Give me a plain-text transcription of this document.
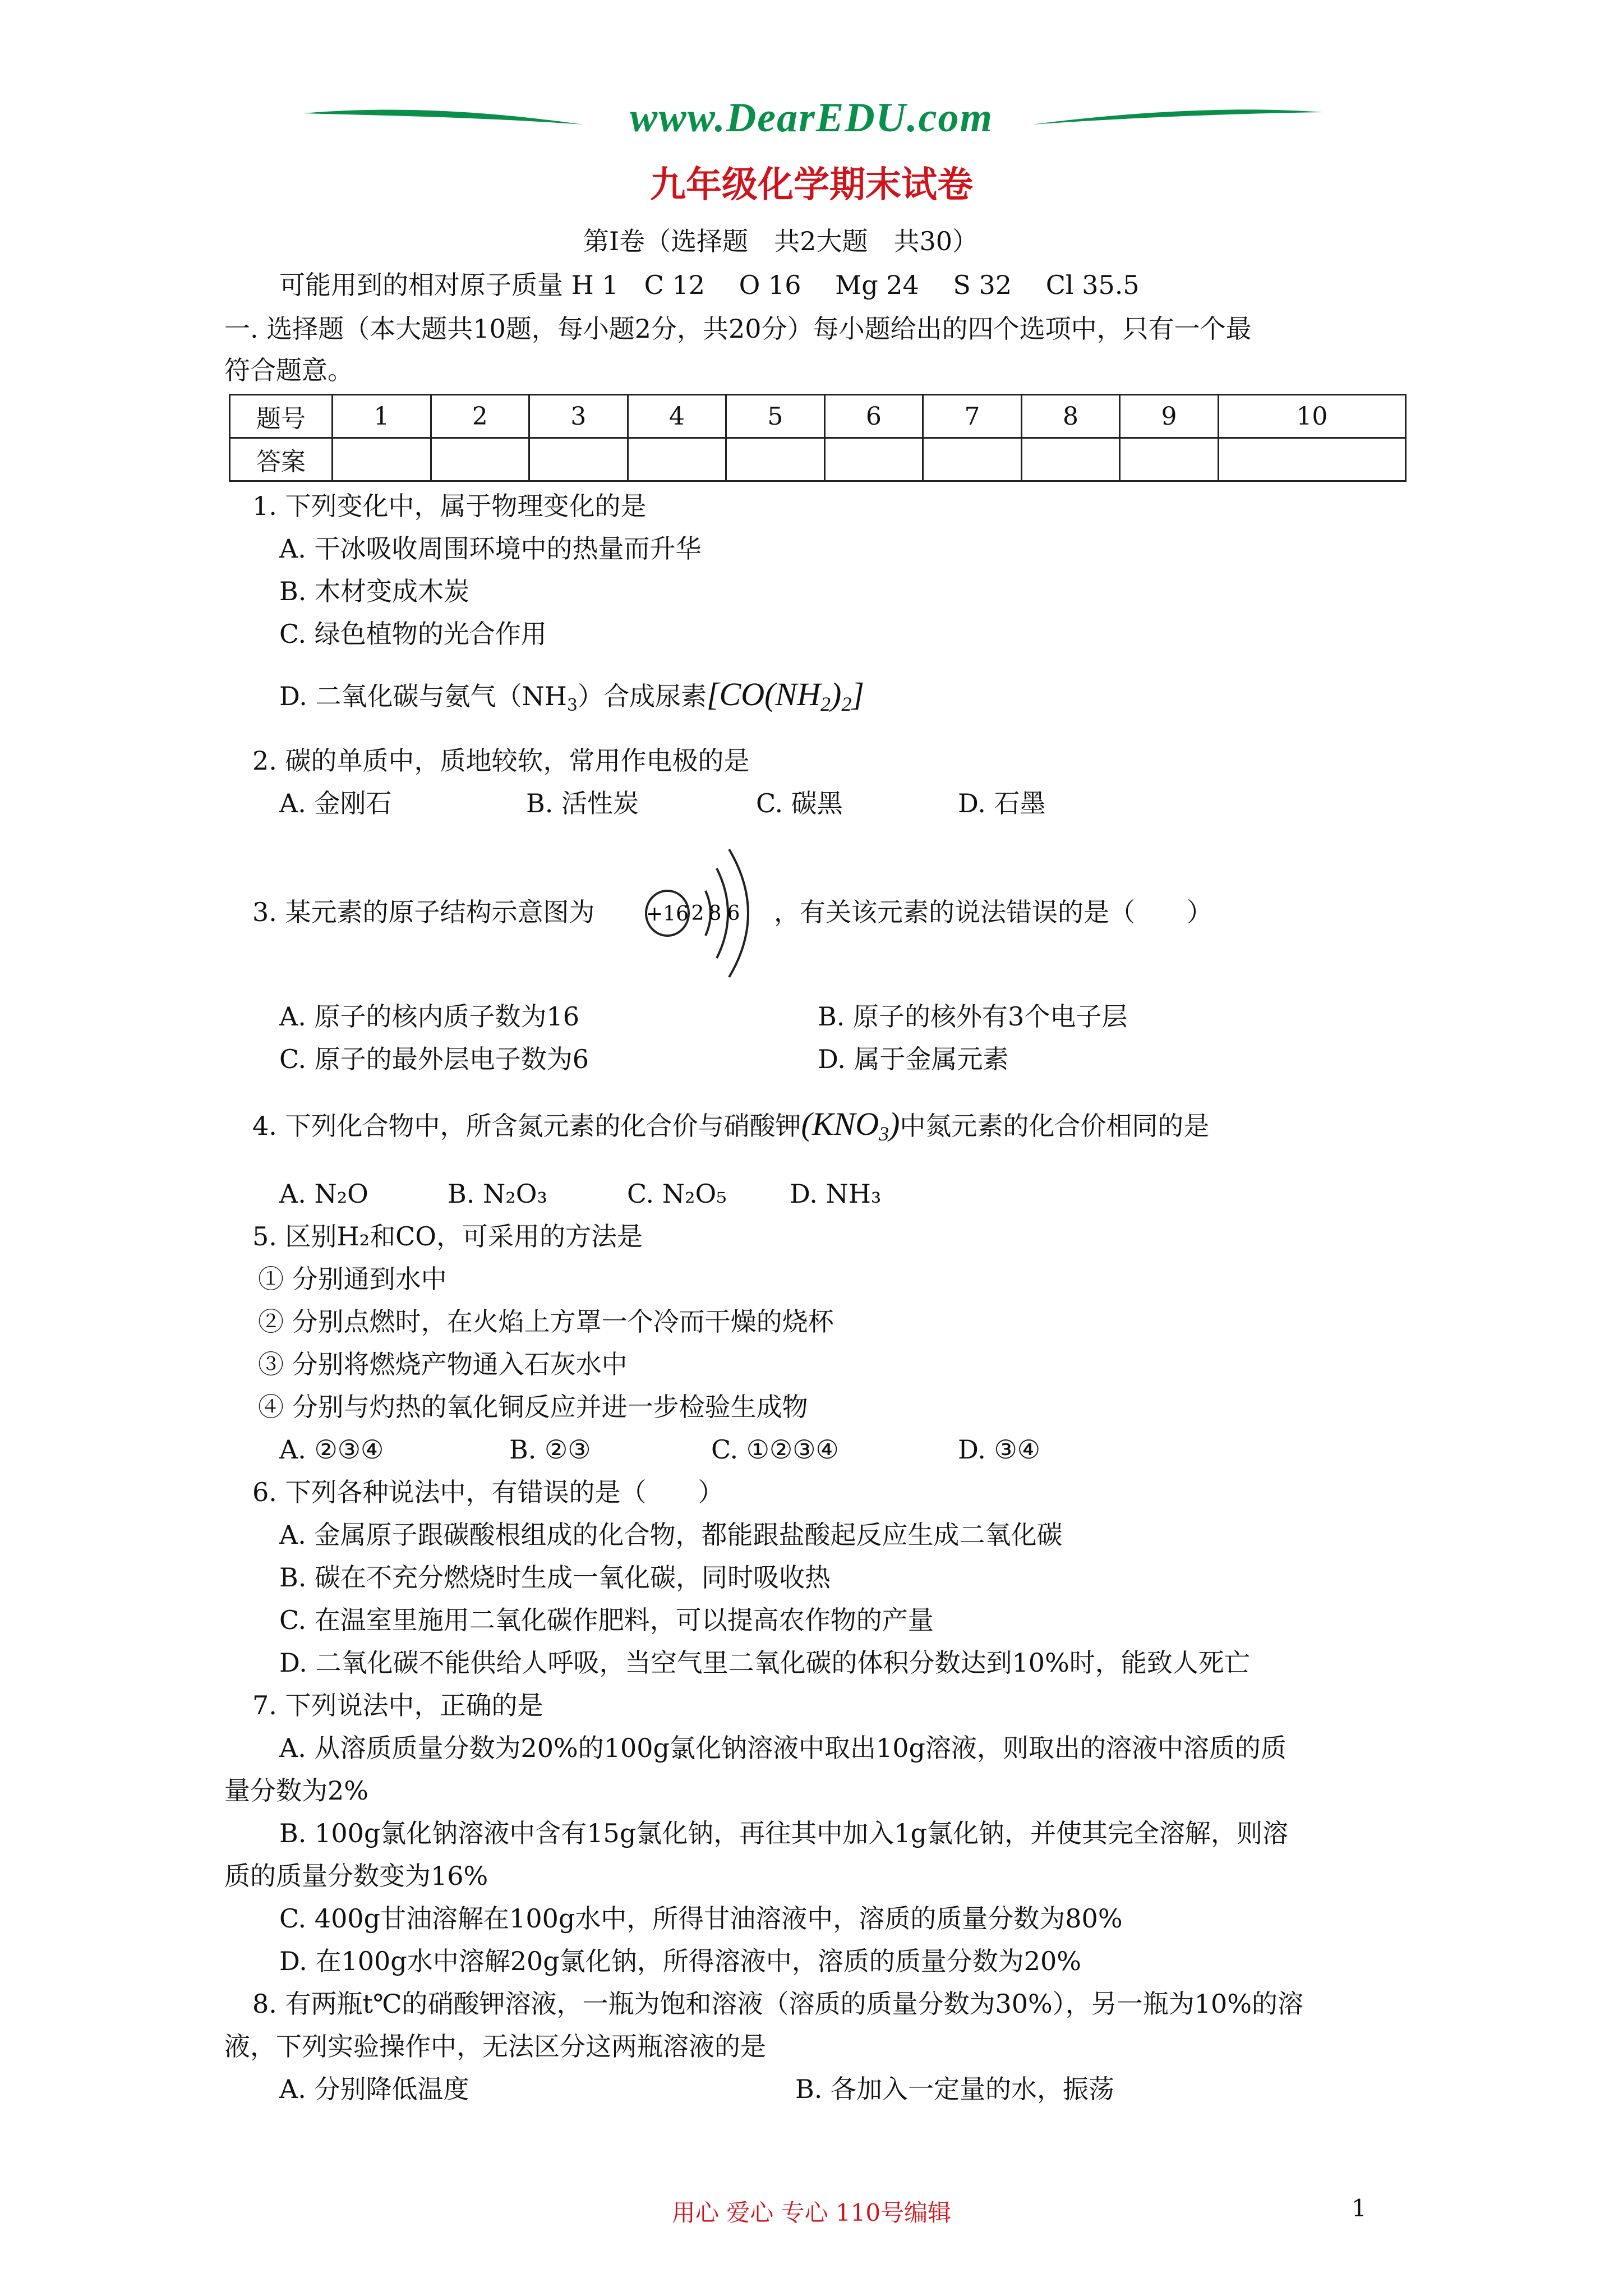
www.DearEDU.com
九年级化学期末试卷
第Ⅰ卷（选择题　共2大题　共30）
可能用到的相对原子质量 H 1　C 12　 O 16　 Mg 24　 S 32　 Cl 35.5
一. 选择题（本大题共10题，每小题2分，共20分）每小题给出的四个选项中，只有一个最
符合题意。
题号	1	2	3	4	5	6	7	8	9	10
答案										
1. 下列变化中，属于物理变化的是
A. 干冰吸收周围环境中的热量而升华
B. 木材变成木炭
C. 绿色植物的光合作用
D. 二氧化碳与氨气$(NH_3)$合成尿素[CO(NH2)2]
2. 碳的单质中，质地较软，常用作电极的是
A. 金刚石	B. 活性炭	C. 碳黑	D. 石墨
3. 某元素的原子结构示意图为	+16 2 8 6 ，有关该元素的说法错误的是（　　）
A. 原子的核内质子数为16	B. 原子的核外有3个电子层
C. 原子的最外层电子数为6	D. 属于金属元素
4. 下列化合物中，所含氮元素的化合价与硝酸钾(KNO3)中氮元素的化合价相同的是
A. N₂O	B. N₂O₃	C. N₂O₅ D. NH₃
5. 区别H₂和CO，可采用的方法是
① 分别通到水中
② 分别点燃时，在火焰上方罩一个冷而干燥的烧杯
③ 分别将燃烧产物通入石灰水中
④ 分别与灼热的氧化铜反应并进一步检验生成物
A. ②③④	B. ②③	C. ①②③④	D. ③④
6. 下列各种说法中，有错误的是（　　）
A. 金属原子跟碳酸根组成的化合物，都能跟盐酸起反应生成二氧化碳
B. 碳在不充分燃烧时生成一氧化碳，同时吸收热
C. 在温室里施用二氧化碳作肥料，可以提高农作物的产量
D. 二氧化碳不能供给人呼吸，当空气里二氧化碳的体积分数达到10%时，能致人死亡
7. 下列说法中，正确的是
A. 从溶质质量分数为20%的100g氯化钠溶液中取出10g溶液，则取出的溶液中溶质的质
量分数为2%
B. 100g氯化钠溶液中含有15g氯化钠，再往其中加入1g氯化钠，并使其完全溶解，则溶
质的质量分数变为16%
C. 400g甘油溶解在100g水中，所得甘油溶液中，溶质的质量分数为80%
D. 在100g水中溶解20g氯化钠，所得溶液中，溶质的质量分数为20%
8. 有两瓶t℃的硝酸钾溶液，一瓶为饱和溶液（溶质的质量分数为30%），另一瓶为10%的溶
液，下列实验操作中，无法区分这两瓶溶液的是
A. 分别降低温度	B. 各加入一定量的水，振荡
用心 爱心 专心 110号编辑	1
